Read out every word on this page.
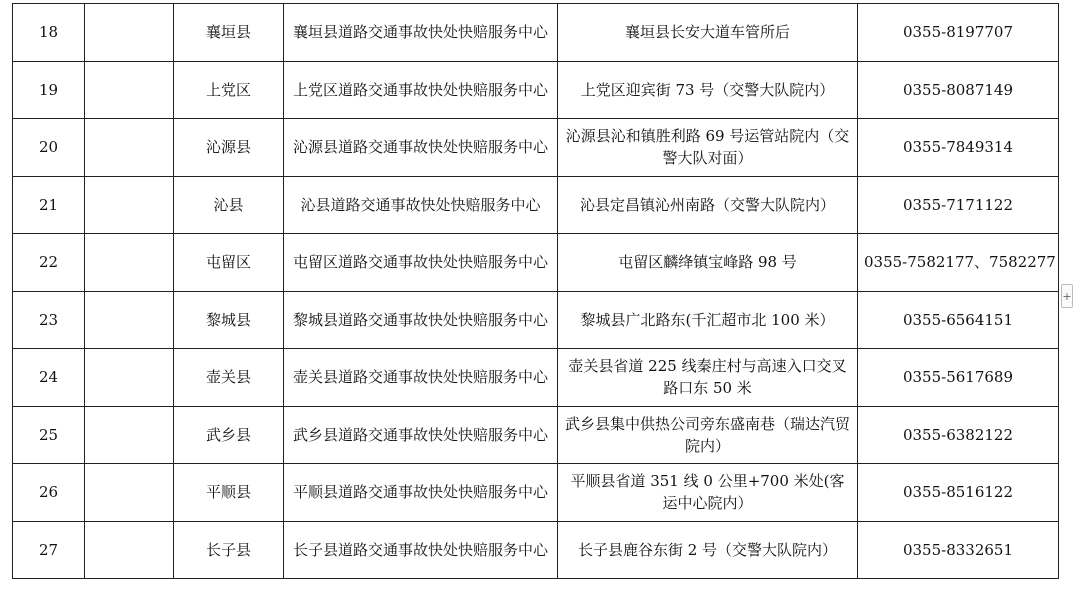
18		襄垣县	襄垣县道路交通事故快处快赔服务中心	襄垣县长安大道车管所后	0355-8197707
19		上党区	上党区道路交通事故快处快赔服务中心	上党区迎宾街 73 号（交警大队院内）	0355-8087149
20		沁源县	沁源县道路交通事故快处快赔服务中心	沁源县沁和镇胜利路 69 号运管站院内（交警大队对面）	0355-7849314
21		沁县	沁县道路交通事故快处快赔服务中心	沁县定昌镇沁州南路（交警大队院内）	0355-7171122
22		屯留区	屯留区道路交通事故快处快赔服务中心	屯留区麟绛镇宝峰路 98 号	0355-7582177、7582277
23		黎城县	黎城县道路交通事故快处快赔服务中心	黎城县广北路东(千汇超市北 100 米）	0355-6564151
24		壶关县	壶关县道路交通事故快处快赔服务中心	壶关县省道 225 线秦庄村与高速入口交叉路口东 50 米	0355-5617689
25		武乡县	武乡县道路交通事故快处快赔服务中心	武乡县集中供热公司旁东盛南巷（瑞达汽贸院内）	0355-6382122
26		平顺县	平顺县道路交通事故快处快赔服务中心	平顺县省道 351 线 0 公里+700 米处(客运中心院内）	0355-8516122
27		长子县	长子县道路交通事故快处快赔服务中心	长子县鹿谷东街 2 号（交警大队院内）	0355-8332651
+
